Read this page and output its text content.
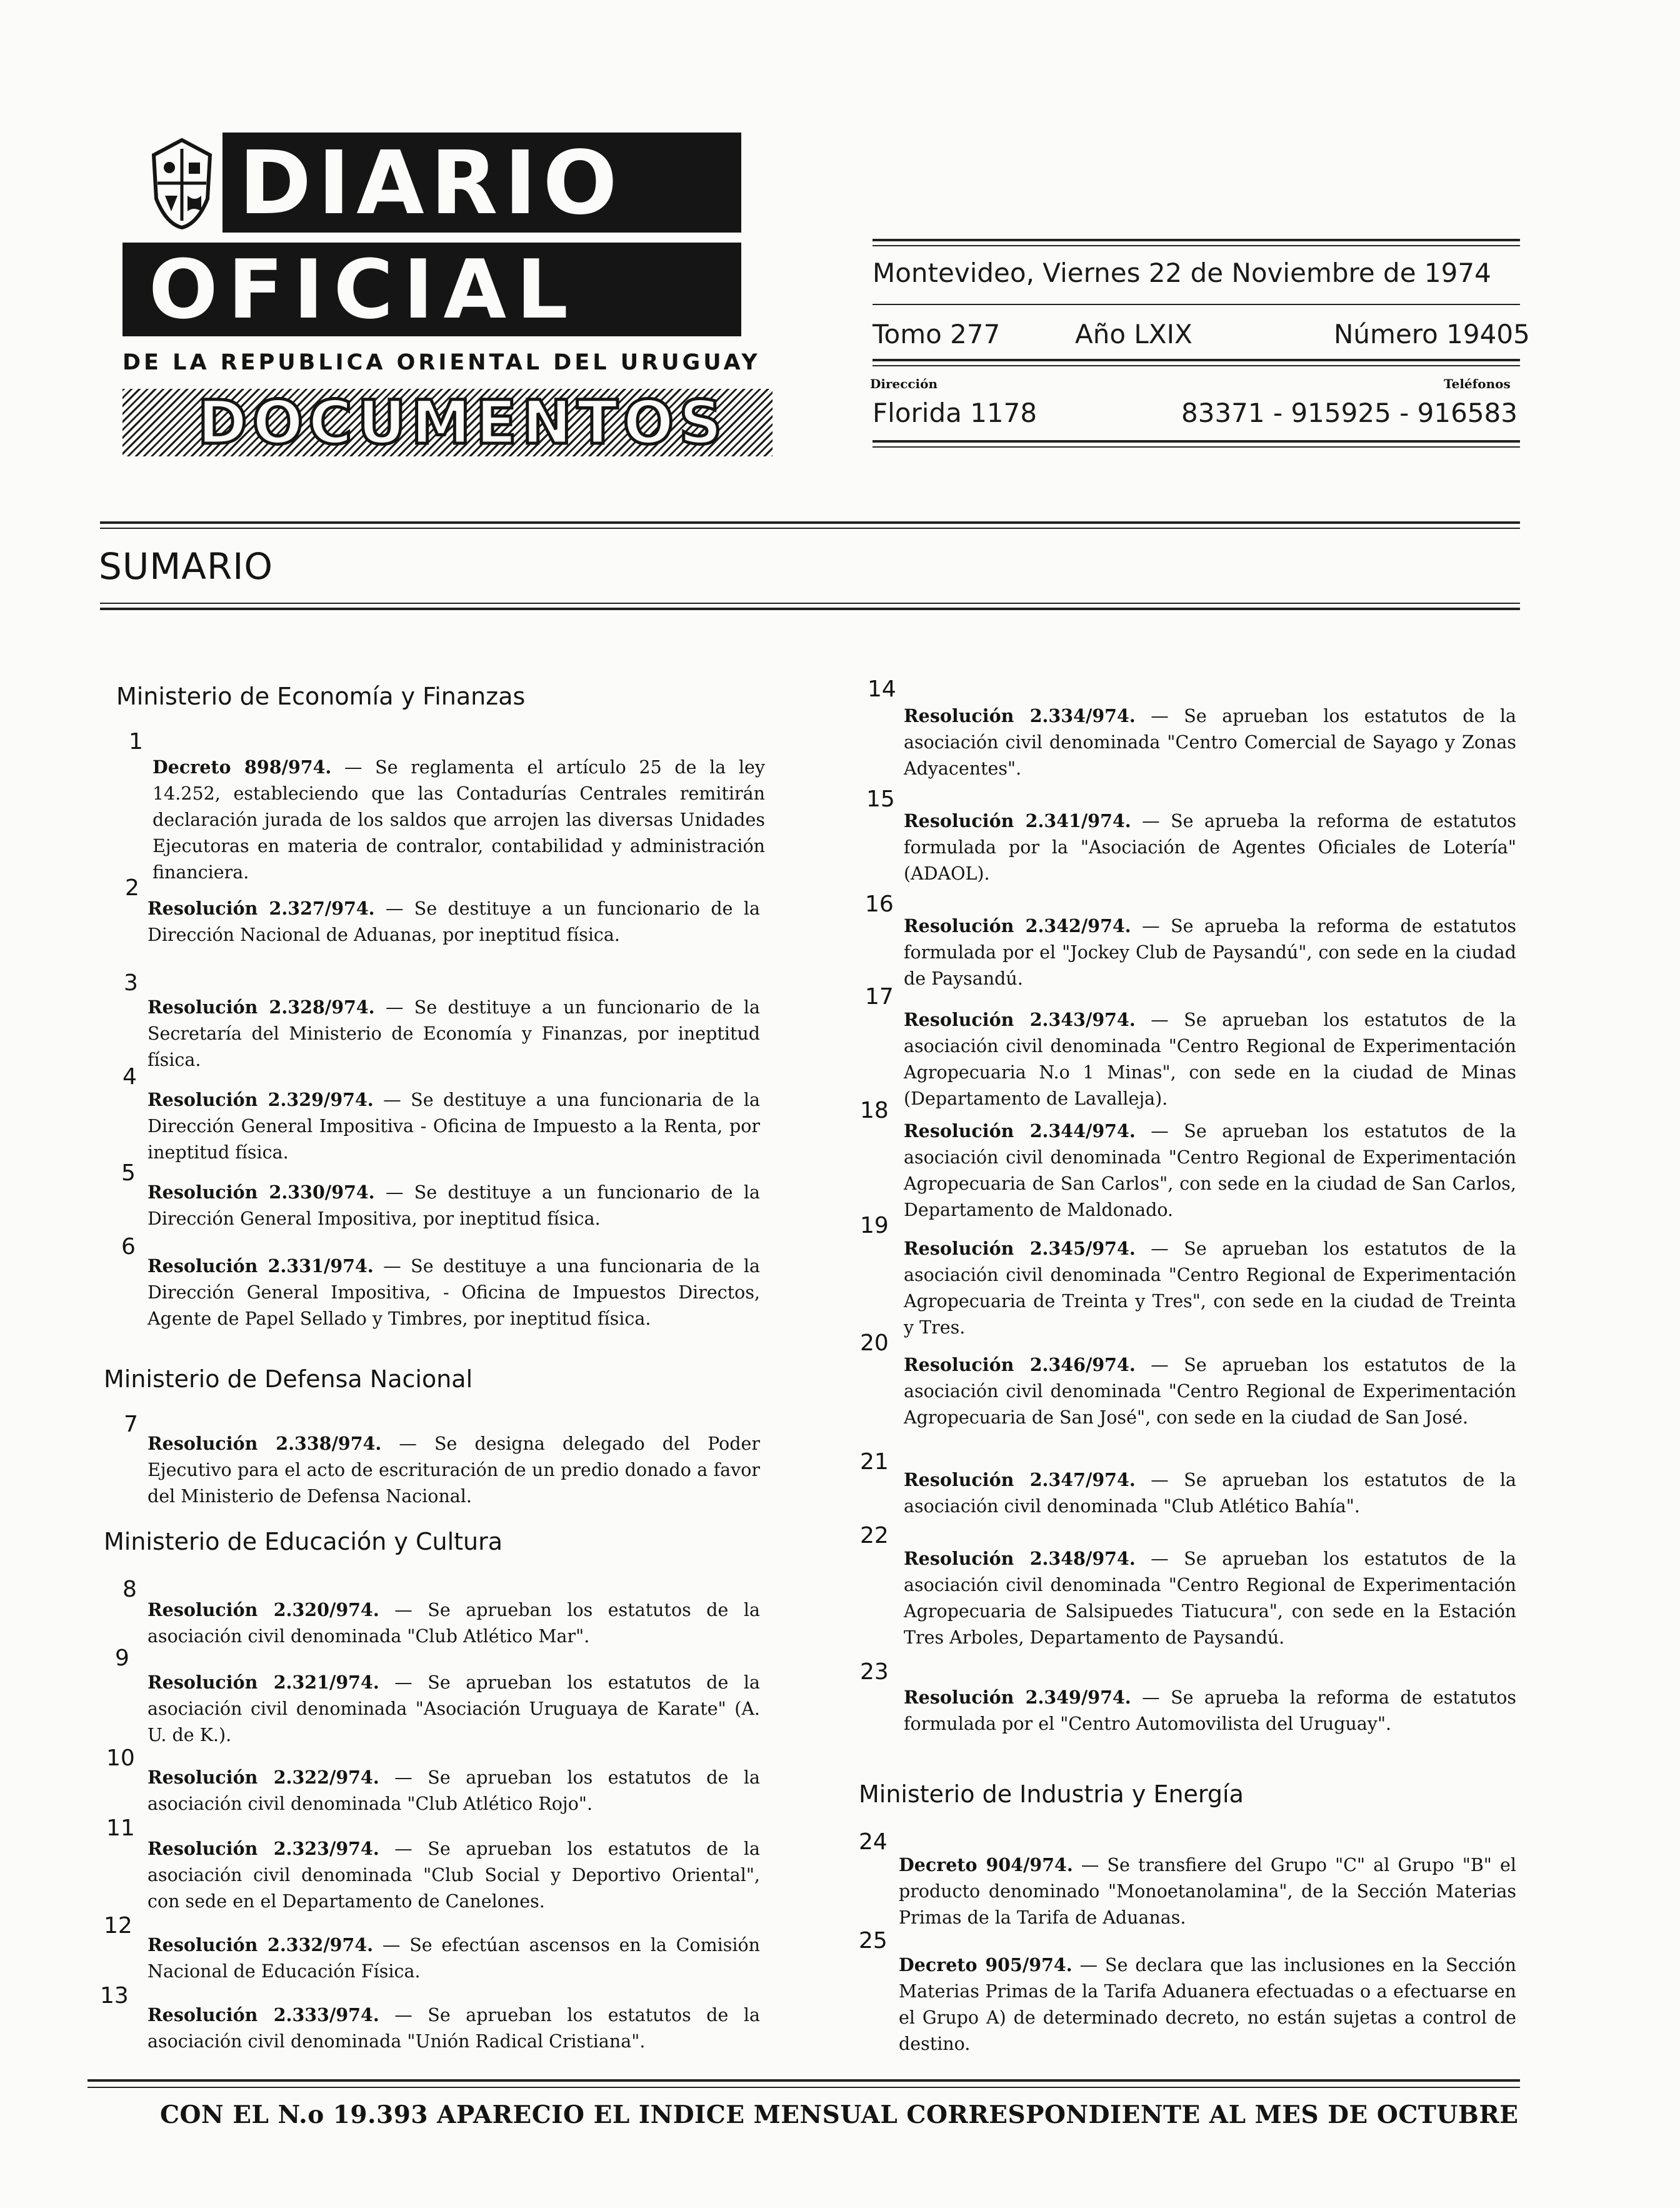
DIARIO
OFICIAL
DE LA REPUBLICA ORIENTAL DEL URUGUAY
DOCUMENTOS
Montevideo, Viernes 22 de Noviembre de 1974
Tomo 277	Año LXIX	Número 19405
Dirección	Teléfonos
Florida 1178	83371 - 915925 - 916583
SUMARIO
Ministerio de Economía y Finanzas
1
Decreto 898/974. — Se reglamenta el artículo 25 de la ley 14.252, estableciendo que las Contadurías Centrales remitirán declaración jurada de los saldos que arrojen las diversas Unidades Ejecutoras en materia de contralor, contabilidad y administración financiera.
2
Resolución 2.327/974. — Se destituye a un funcionario de la Dirección Nacional de Aduanas, por ineptitud física.
3
Resolución 2.328/974. — Se destituye a un funcionario de la Secretaría del Ministerio de Economía y Finanzas, por ineptitud física.
4
Resolución 2.329/974. — Se destituye a una funcionaria de la Dirección General Impositiva - Oficina de Impuesto a la Renta, por ineptitud física.
5
Resolución 2.330/974. — Se destituye a un funcionario de la Dirección General Impositiva, por ineptitud física.
6
Resolución 2.331/974. — Se destituye a una funcionaria de la Dirección General Impositiva, - Oficina de Impuestos Directos, Agente de Papel Sellado y Timbres, por ineptitud física.
Ministerio de Defensa Nacional
7
Resolución 2.338/974. — Se designa delegado del Poder Ejecutivo para el acto de escrituración de un predio donado a favor del Ministerio de Defensa Nacional.
Ministerio de Educación y Cultura
8
Resolución 2.320/974. — Se aprueban los estatutos de la asociación civil denominada "Club Atlético Mar".
9
Resolución 2.321/974. — Se aprueban los estatutos de la asociación civil denominada "Asociación Uruguaya de Karate" (A. U. de K.).
10
Resolución 2.322/974. — Se aprueban los estatutos de la asociación civil denominada "Club Atlético Rojo".
11
Resolución 2.323/974. — Se aprueban los estatutos de la asociación civil denominada "Club Social y Deportivo Oriental", con sede en el Departamento de Canelones.
12
Resolución 2.332/974. — Se efectúan ascensos en la Comisión Nacional de Educación Física.
13
Resolución 2.333/974. — Se aprueban los estatutos de la asociación civil denominada "Unión Radical Cristiana".
14
Resolución 2.334/974. — Se aprueban los estatutos de la asociación civil denominada "Centro Comercial de Sayago y Zonas Adyacentes".
15
Resolución 2.341/974. — Se aprueba la reforma de estatutos formulada por la "Asociación de Agentes Oficiales de Lotería" (ADAOL).
16
Resolución 2.342/974. — Se aprueba la reforma de estatutos formulada por el "Jockey Club de Paysandú", con sede en la ciudad de Paysandú.
17
Resolución 2.343/974. — Se aprueban los estatutos de la asociación civil denominada "Centro Regional de Experimentación Agropecuaria N.o 1 Minas", con sede en la ciudad de Minas (Departamento de Lavalleja).
18
Resolución 2.344/974. — Se aprueban los estatutos de la asociación civil denominada "Centro Regional de Experimentación Agropecuaria de San Carlos", con sede en la ciudad de San Carlos, Departamento de Maldonado.
19
Resolución 2.345/974. — Se aprueban los estatutos de la asociación civil denominada "Centro Regional de Experimentación Agropecuaria de Treinta y Tres", con sede en la ciudad de Treinta y Tres.
20
Resolución 2.346/974. — Se aprueban los estatutos de la asociación civil denominada "Centro Regional de Experimentación Agropecuaria de San José", con sede en la ciudad de San José.
21
Resolución 2.347/974. — Se aprueban los estatutos de la asociación civil denominada "Club Atlético Bahía".
22
Resolución 2.348/974. — Se aprueban los estatutos de la asociación civil denominada "Centro Regional de Experimentación Agropecuaria de Salsipuedes Tiatucura", con sede en la Estación Tres Arboles, Departamento de Paysandú.
23
Resolución 2.349/974. — Se aprueba la reforma de estatutos formulada por el "Centro Automovilista del Uruguay".
Ministerio de Industria y Energía
24
Decreto 904/974. — Se transfiere del Grupo "C" al Grupo "B" el producto denominado "Monoetanolamina", de la Sección Materias Primas de la Tarifa de Aduanas.
25
Decreto 905/974. — Se declara que las inclusiones en la Sección Materias Primas de la Tarifa Aduanera efectuadas o a efectuarse en el Grupo A) de determinado decreto, no están sujetas a control de destino.
CON EL N.o 19.393 APARECIO EL INDICE MENSUAL CORRESPONDIENTE AL MES DE OCTUBRE
